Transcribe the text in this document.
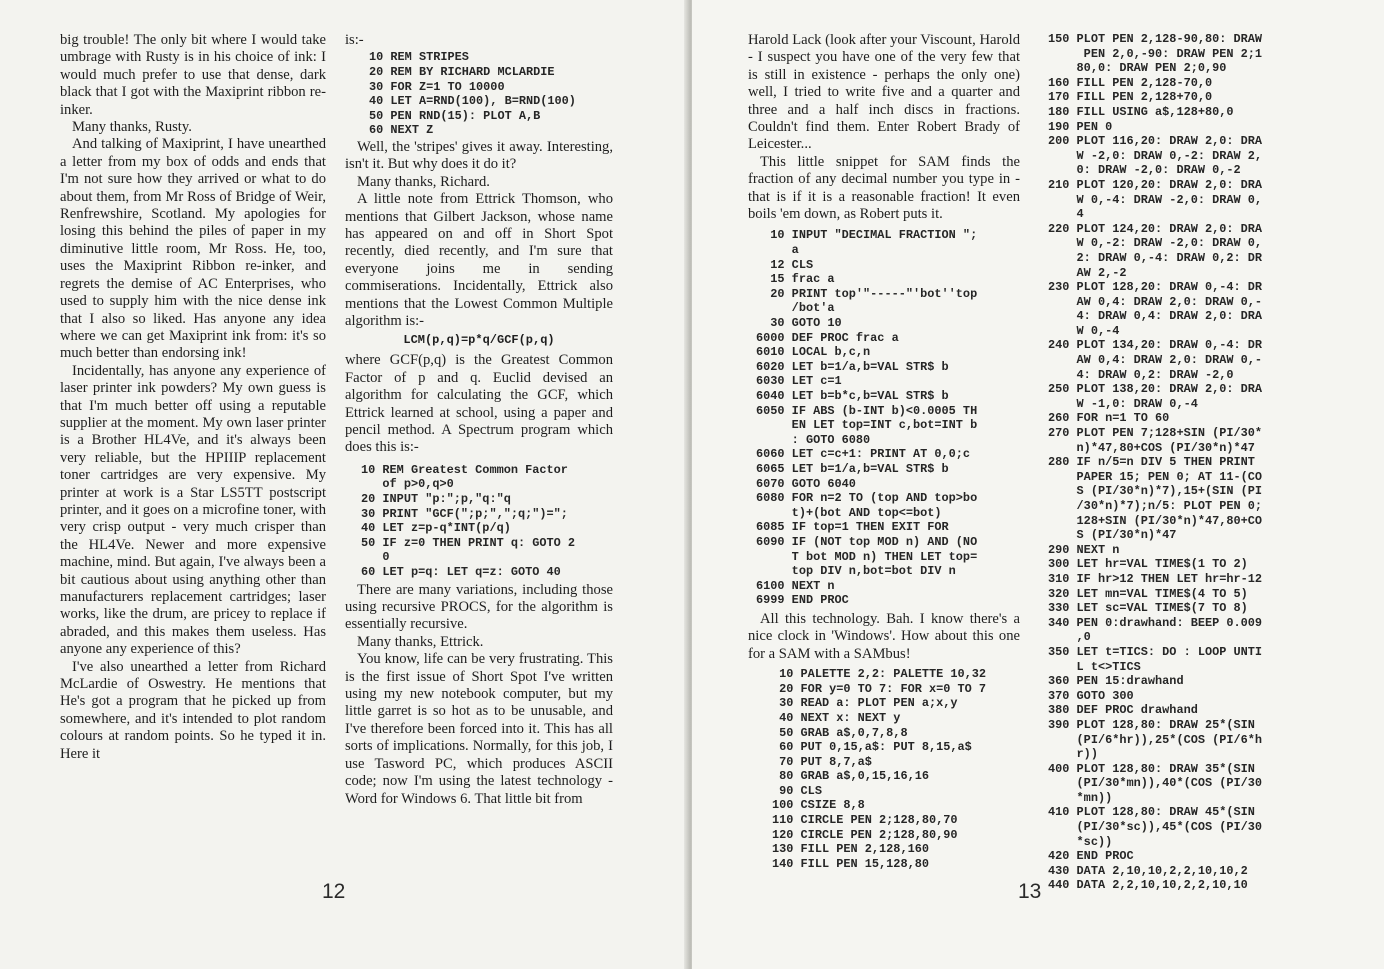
big trouble! The only bit where I would take umbrage with Rusty is in his choice of ink: I would much prefer to use that dense, dark black that I got with the Maxiprint ribbon re-inker.

Many thanks, Rusty.

And talking of Maxiprint, I have unearthed a letter from my box of odds and ends that I'm not sure how they arrived or what to do about them, from Mr Ross of Bridge of Weir, Renfrewshire, Scotland. My apologies for losing this behind the piles of paper in my diminutive little room, Mr Ross. He, too, uses the Maxiprint Ribbon re-inker, and regrets the demise of AC Enterprises, who used to supply him with the nice dense ink that I also so liked. Has anyone any idea where we can get Maxiprint ink from: it's so much better than endorsing ink!

Incidentally, has anyone any experience of laser printer ink powders? My own guess is that I'm much better off using a reputable supplier at the moment. My own laser printer is a Brother HL4Ve, and it's always been very reliable, but the HPIIIP replacement toner cartridges are very expensive. My printer at work is a Star LS5TT postscript printer, and it goes on a microfine toner, with very crisp output - very much crisper than the HL4Ve. Newer and more expensive machine, mind. But again, I've always been a bit cautious about using anything other than manufacturers replacement cartridges; laser works, like the drum, are pricey to replace if abraded, and this makes them useless. Has anyone any experience of this?

I've also unearthed a letter from Richard McLardie of Oswestry. He mentions that He's got a program that he picked up from somewhere, and it's intended to plot random colours at random points. So he typed it in. Here it

is:-
10 REM STRIPES
20 REM BY RICHARD MCLARDIE
30 FOR Z=1 TO 10000
40 LET A=RND(100), B=RND(100)
50 PEN RND(15): PLOT A,B
60 NEXT Z

Well, the 'stripes' gives it away. Interesting, isn't it. But why does it do it?

Many thanks, Richard.

A little note from Ettrick Thomson, who mentions that Gilbert Jackson, whose name has appeared on and off in Short Spot recently, died recently, and I'm sure that everyone joins me in sending commiserations. Incidentally, Ettrick also mentions that the Lowest Common Multiple algorithm is:-

LCM(p,q)=p*q/GCF(p,q)

where GCF(p,q) is the Greatest Common Factor of p and q. Euclid devised an algorithm for calculating the GCF, which Ettrick learned at school, using a paper and pencil method. A Spectrum program which does this is:-

10 REM Greatest Common Factor
of p>0,q>0
20 INPUT "p:";p,"q:"q
30 PRINT "GCF(";p;",";q;")=";
40 LET z=p-q*INT(p/q)
50 IF z=0 THEN PRINT q: GOTO 2
0
60 LET p=q: LET q=z: GOTO 40

There are many variations, including those using recursive PROCS, for the algorithm is essentially recursive.

Many thanks, Ettrick.

You know, life can be very frustrating. This is the first issue of Short Spot I've written using my new notebook computer, but my little garret is so hot as to be unusable, and I've therefore been forced into it. This has all sorts of implications. Normally, for this job, I use Tasword PC, which produces ASCII code; now I'm using the latest technology - Word for Windows 6. That little bit from

12

Harold Lack (look after your Viscount, Harold - I suspect you have one of the very few that is still in existence - perhaps the only one) well, I tried to write five and a quarter and three and a half inch discs in fractions. Couldn't find them. Enter Robert Brady of Leicester...

This little snippet for SAM finds the fraction of any decimal number you type in - that is if it is a reasonable fraction! It even boils 'em down, as Robert puts it.

10 INPUT "DECIMAL FRACTION ";
a
12 CLS
15 frac a
20 PRINT top'"-----"'bot''top
/bot'a
30 GOTO 10
6000 DEF PROC frac a
6010 LOCAL b,c,n
6020 LET b=1/a,b=VAL STR$ b
6030 LET c=1
6040 LET b=b*c,b=VAL STR$ b
6050 IF ABS (b-INT b)<0.0005 TH
EN LET top=INT c,bot=INT b
: GOTO 6080
6060 LET c=c+1: PRINT AT 0,0;c
6065 LET b=1/a,b=VAL STR$ b
6070 GOTO 6040
6080 FOR n=2 TO (top AND top>bo
t)+(bot AND top<=bot)
6085 IF top=1 THEN EXIT FOR
6090 IF (NOT top MOD n) AND (NO
T bot MOD n) THEN LET top=
top DIV n,bot=bot DIV n
6100 NEXT n
6999 END PROC

All this technology. Bah. I know there's a nice clock in 'Windows'. How about this one for a SAM with a SAMbus!

10 PALETTE 2,2: PALETTE 10,32
20 FOR y=0 TO 7: FOR x=0 TO 7
30 READ a: PLOT PEN a;x,y
40 NEXT x: NEXT y
50 GRAB a$,0,7,8,8
60 PUT 0,15,a$: PUT 8,15,a$
70 PUT 8,7,a$
80 GRAB a$,0,15,16,16
90 CLS
100 CSIZE 8,8
110 CIRCLE PEN 2;128,80,70
120 CIRCLE PEN 2;128,80,90
130 FILL PEN 2,128,160
140 FILL PEN 15,128,80
150 PLOT PEN 2,128-90,80: DRAW
PEN 2,0,-90: DRAW PEN 2;1
80,0: DRAW PEN 2;0,90
160 FILL PEN 2,128-70,0
170 FILL PEN 2,128+70,0
180 FILL USING a$,128+80,0
190 PEN 0
200 PLOT 116,20: DRAW 2,0: DRA
W -2,0: DRAW 0,-2: DRAW 2,
0: DRAW -2,0: DRAW 0,-2
210 PLOT 120,20: DRAW 2,0: DRA
W 0,-4: DRAW -2,0: DRAW 0,
4
220 PLOT 124,20: DRAW 2,0: DRA
W 0,-2: DRAW -2,0: DRAW 0,
2: DRAW 0,-4: DRAW 0,2: DR
AW 2,-2
230 PLOT 128,20: DRAW 0,-4: DR
AW 0,4: DRAW 2,0: DRAW 0,-
4: DRAW 0,4: DRAW 2,0: DRA
W 0,-4
240 PLOT 134,20: DRAW 0,-4: DR
AW 0,4: DRAW 2,0: DRAW 0,-
4: DRAW 0,2: DRAW -2,0
250 PLOT 138,20: DRAW 2,0: DRA
W -1,0: DRAW 0,-4
260 FOR n=1 TO 60
270 PLOT PEN 7;128+SIN (PI/30*
n)*47,80+COS (PI/30*n)*47
280 IF n/5=n DIV 5 THEN PRINT
PAPER 15; PEN 0; AT 11-(CO
S (PI/30*n)*7),15+(SIN (PI
/30*n)*7);n/5: PLOT PEN 0;
128+SIN (PI/30*n)*47,80+CO
S (PI/30*n)*47
290 NEXT n
300 LET hr=VAL TIME$(1 TO 2)
310 IF hr>12 THEN LET hr=hr-12
320 LET mn=VAL TIME$(4 TO 5)
330 LET sc=VAL TIME$(7 TO 8)
340 PEN 0:drawhand: BEEP 0.009
,0
350 LET t=TICS: DO : LOOP UNTI
L t<>TICS
360 PEN 15:drawhand
370 GOTO 300
380 DEF PROC drawhand
390 PLOT 128,80: DRAW 25*(SIN
(PI/6*hr)),25*(COS (PI/6*h
r))
400 PLOT 128,80: DRAW 35*(SIN
(PI/30*mn)),40*(COS (PI/30
*mn))
410 PLOT 128,80: DRAW 45*(SIN
(PI/30*sc)),45*(COS (PI/30
*sc))
420 END PROC
430 DATA 2,10,10,2,2,10,10,2
440 DATA 2,2,10,10,2,2,10,10
13
